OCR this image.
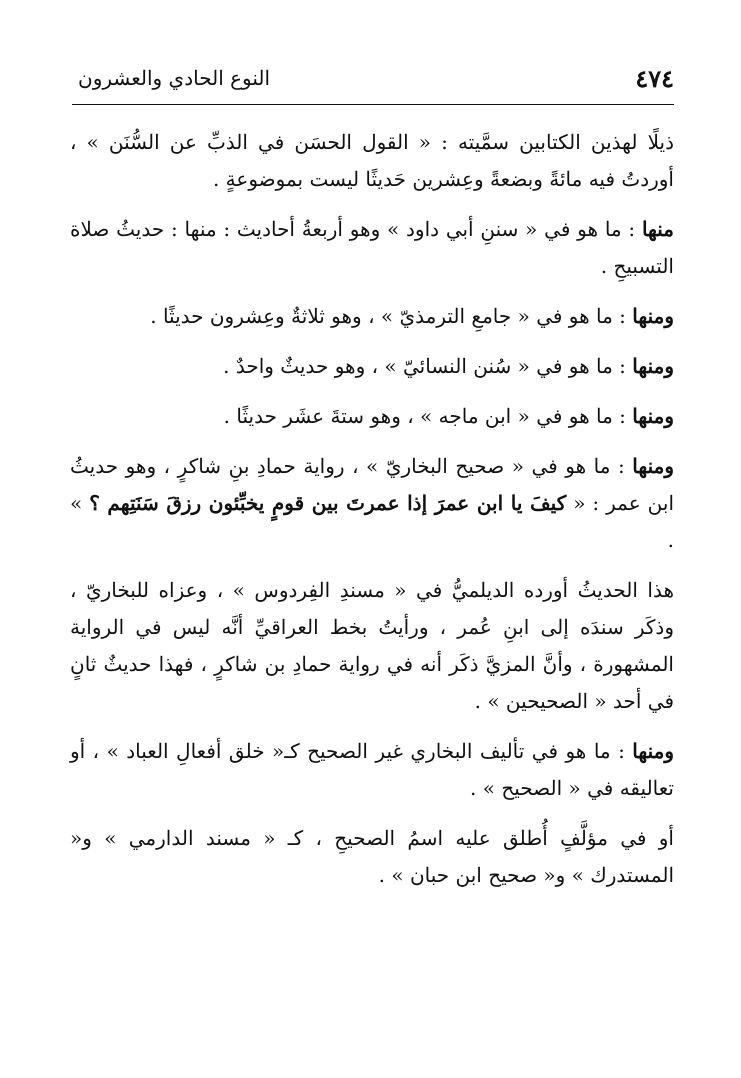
٤٧٤
النوع الحادي والعشرون

ذيلًا لهذين الكتابين سمَّيته : « القول الحسَن في الذبِّ عن السُّنَن » ، أوردتُ فيه مائةً وبضعةً وعِشرين حَديثًا ليست بموضوعةٍ .

منها : ما هو في « سننِ أبي داود » وهو أربعةُ أحاديث : منها : حديثُ صلاة التسبيحِ .

ومنها : ما هو في « جامعِ الترمذيّ » ، وهو ثلاثةٌ وعِشرون حديثًا .

ومنها : ما هو في « سُنن النسائيّ » ، وهو حديثٌ واحدٌ .

ومنها : ما هو في « ابن ماجه » ، وهو ستةَ عشَر حديثًا .

ومنها : ما هو في « صحيح البخاريّ » ، رواية حمادِ بنِ شاكرٍ ، وهو حديثُ ابن عمر : « كيفَ يا ابن عمرَ إذا عمرتَ بين قومٍ يخبِّئون رزقَ سَنَتِهم ؟ » .

هذا الحديثُ أورده الديلميُّ في « مسندِ الفِردوس » ، وعزاه للبخاريّ ، وذكَر سندَه إلى ابنِ عُمر ، ورأيتُ بخط العراقيِّ أنَّه ليس في الرواية المشهورة ، وأنَّ المزيَّ ذكَر أنه في رواية حمادِ بن شاكرٍ ، فهذا حديثٌ ثانٍ في أحد « الصحيحين » .

ومنها : ما هو في تأليف البخاري غير الصحيح كـ« خلق أفعالِ العباد » ، أو تعاليقه في « الصحيح » .

أو في مؤلَّفٍ أُطلق عليه اسمُ الصحيحِ ، كـ « مسند الدارمي » و« المستدرك » و« صحيح ابن حبان » .
